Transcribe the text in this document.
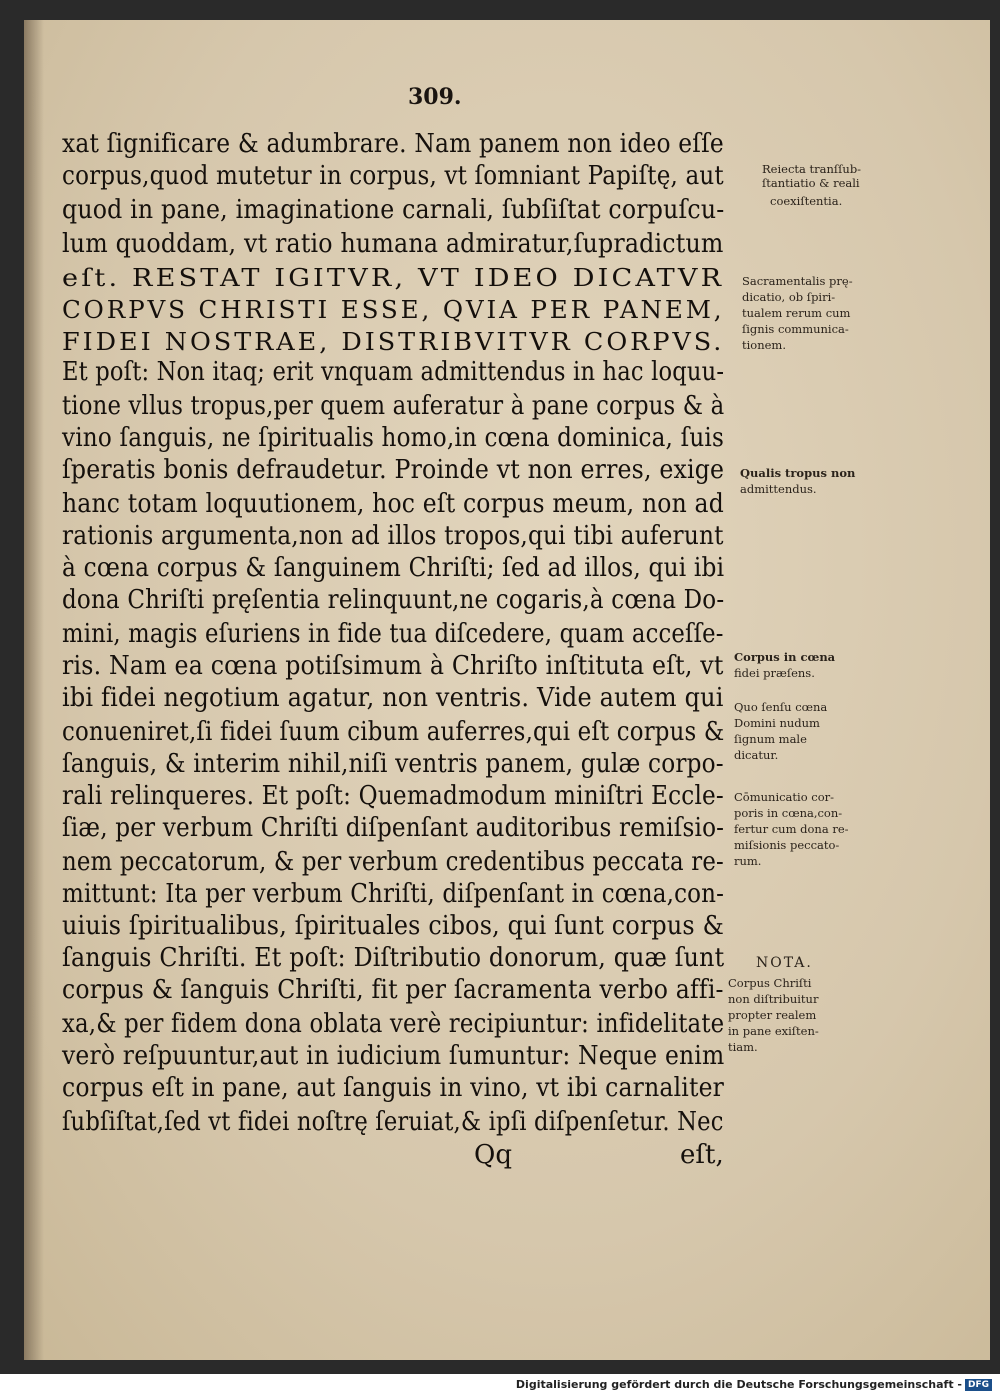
309.
xat ſignificare & adumbrare. Nam panem non ideo eſſe
corpus,quod mutetur in corpus, vt ſomniant Papiſtę, aut
quod in pane, imaginatione carnali, ſubſiſtat corpuſcu-
lum quoddam, vt ratio humana admiratur,ſupradictum
eſt. RESTAT IGITVR, VT IDEO DICATVR
CORPVS CHRISTI ESSE, QVIA PER PANEM,
FIDEI NOSTRAE, DISTRIBVITVR CORPVS.
Et poſt: Non itaq; erit vnquam admittendus in hac loquu-
tione vllus tropus,per quem auferatur à pane corpus & à
vino ſanguis, ne ſpiritualis homo,in cœna dominica, ſuis
ſperatis bonis defraudetur. Proinde vt non erres, exige
hanc totam loquutionem, hoc eſt corpus meum, non ad
rationis argumenta,non ad illos tropos,qui tibi auferunt
à cœna corpus & ſanguinem Chriſti; ſed ad illos, qui ibi
dona Chriſti pręſentia relinquunt,ne cogaris,à cœna Do-
mini, magis eſuriens in fide tua diſcedere, quam acceſſe-
ris. Nam ea cœna potiſsimum à Chriſto inſtituta eſt, vt
ibi fidei negotium agatur, non ventris. Vide autem qui
conueniret,ſi fidei ſuum cibum auferres,qui eſt corpus &
ſanguis, & interim nihil,niſi ventris panem, gulæ corpo-
rali relinqueres. Et poſt: Quemadmodum miniſtri Eccle-
ſiæ, per verbum Chriſti diſpenſant auditoribus remiſsio-
nem peccatorum, & per verbum credentibus peccata re-
mittunt: Ita per verbum Chriſti, diſpenſant in cœna,con-
uiuis ſpiritualibus, ſpirituales cibos, qui ſunt corpus &
ſanguis Chriſti. Et poſt: Diſtributio donorum, quæ ſunt
corpus & ſanguis Chriſti, fit per ſacramenta verbo affi-
xa,& per fidem dona oblata verè recipiuntur: infidelitate
verò reſpuuntur,aut in iudicium ſumuntur: Neque enim
corpus eſt in pane, aut ſanguis in vino, vt ibi carnaliter
ſubſiſtat,ſed vt fidei noſtrę ſeruiat,& ipſi diſpenſetur. Nec
Reiecta tranſſub-
ſtantiatio & reali
coexiſtentia.
Sacramentalis prę-
dicatio, ob ſpiri-
tualem rerum cum
ſignis communica-
tionem.
Qualis tropus non
admittendus.
Corpus in cœna
fidei præſens.
Quo ſenſu cœna
Domini nudum
ſignum male
dicatur.
Cōmunicatio cor-
poris in cœna,con-
fertur cum dona re-
miſsionis peccato-
rum.
NOTA.
Corpus Chriſti
non diſtribuitur
propter realem
in pane exiſten-
tiam.
Qq	eſt,
Digitalisierung gefördert durch die Deutsche Forschungsgemeinschaft - DFG
